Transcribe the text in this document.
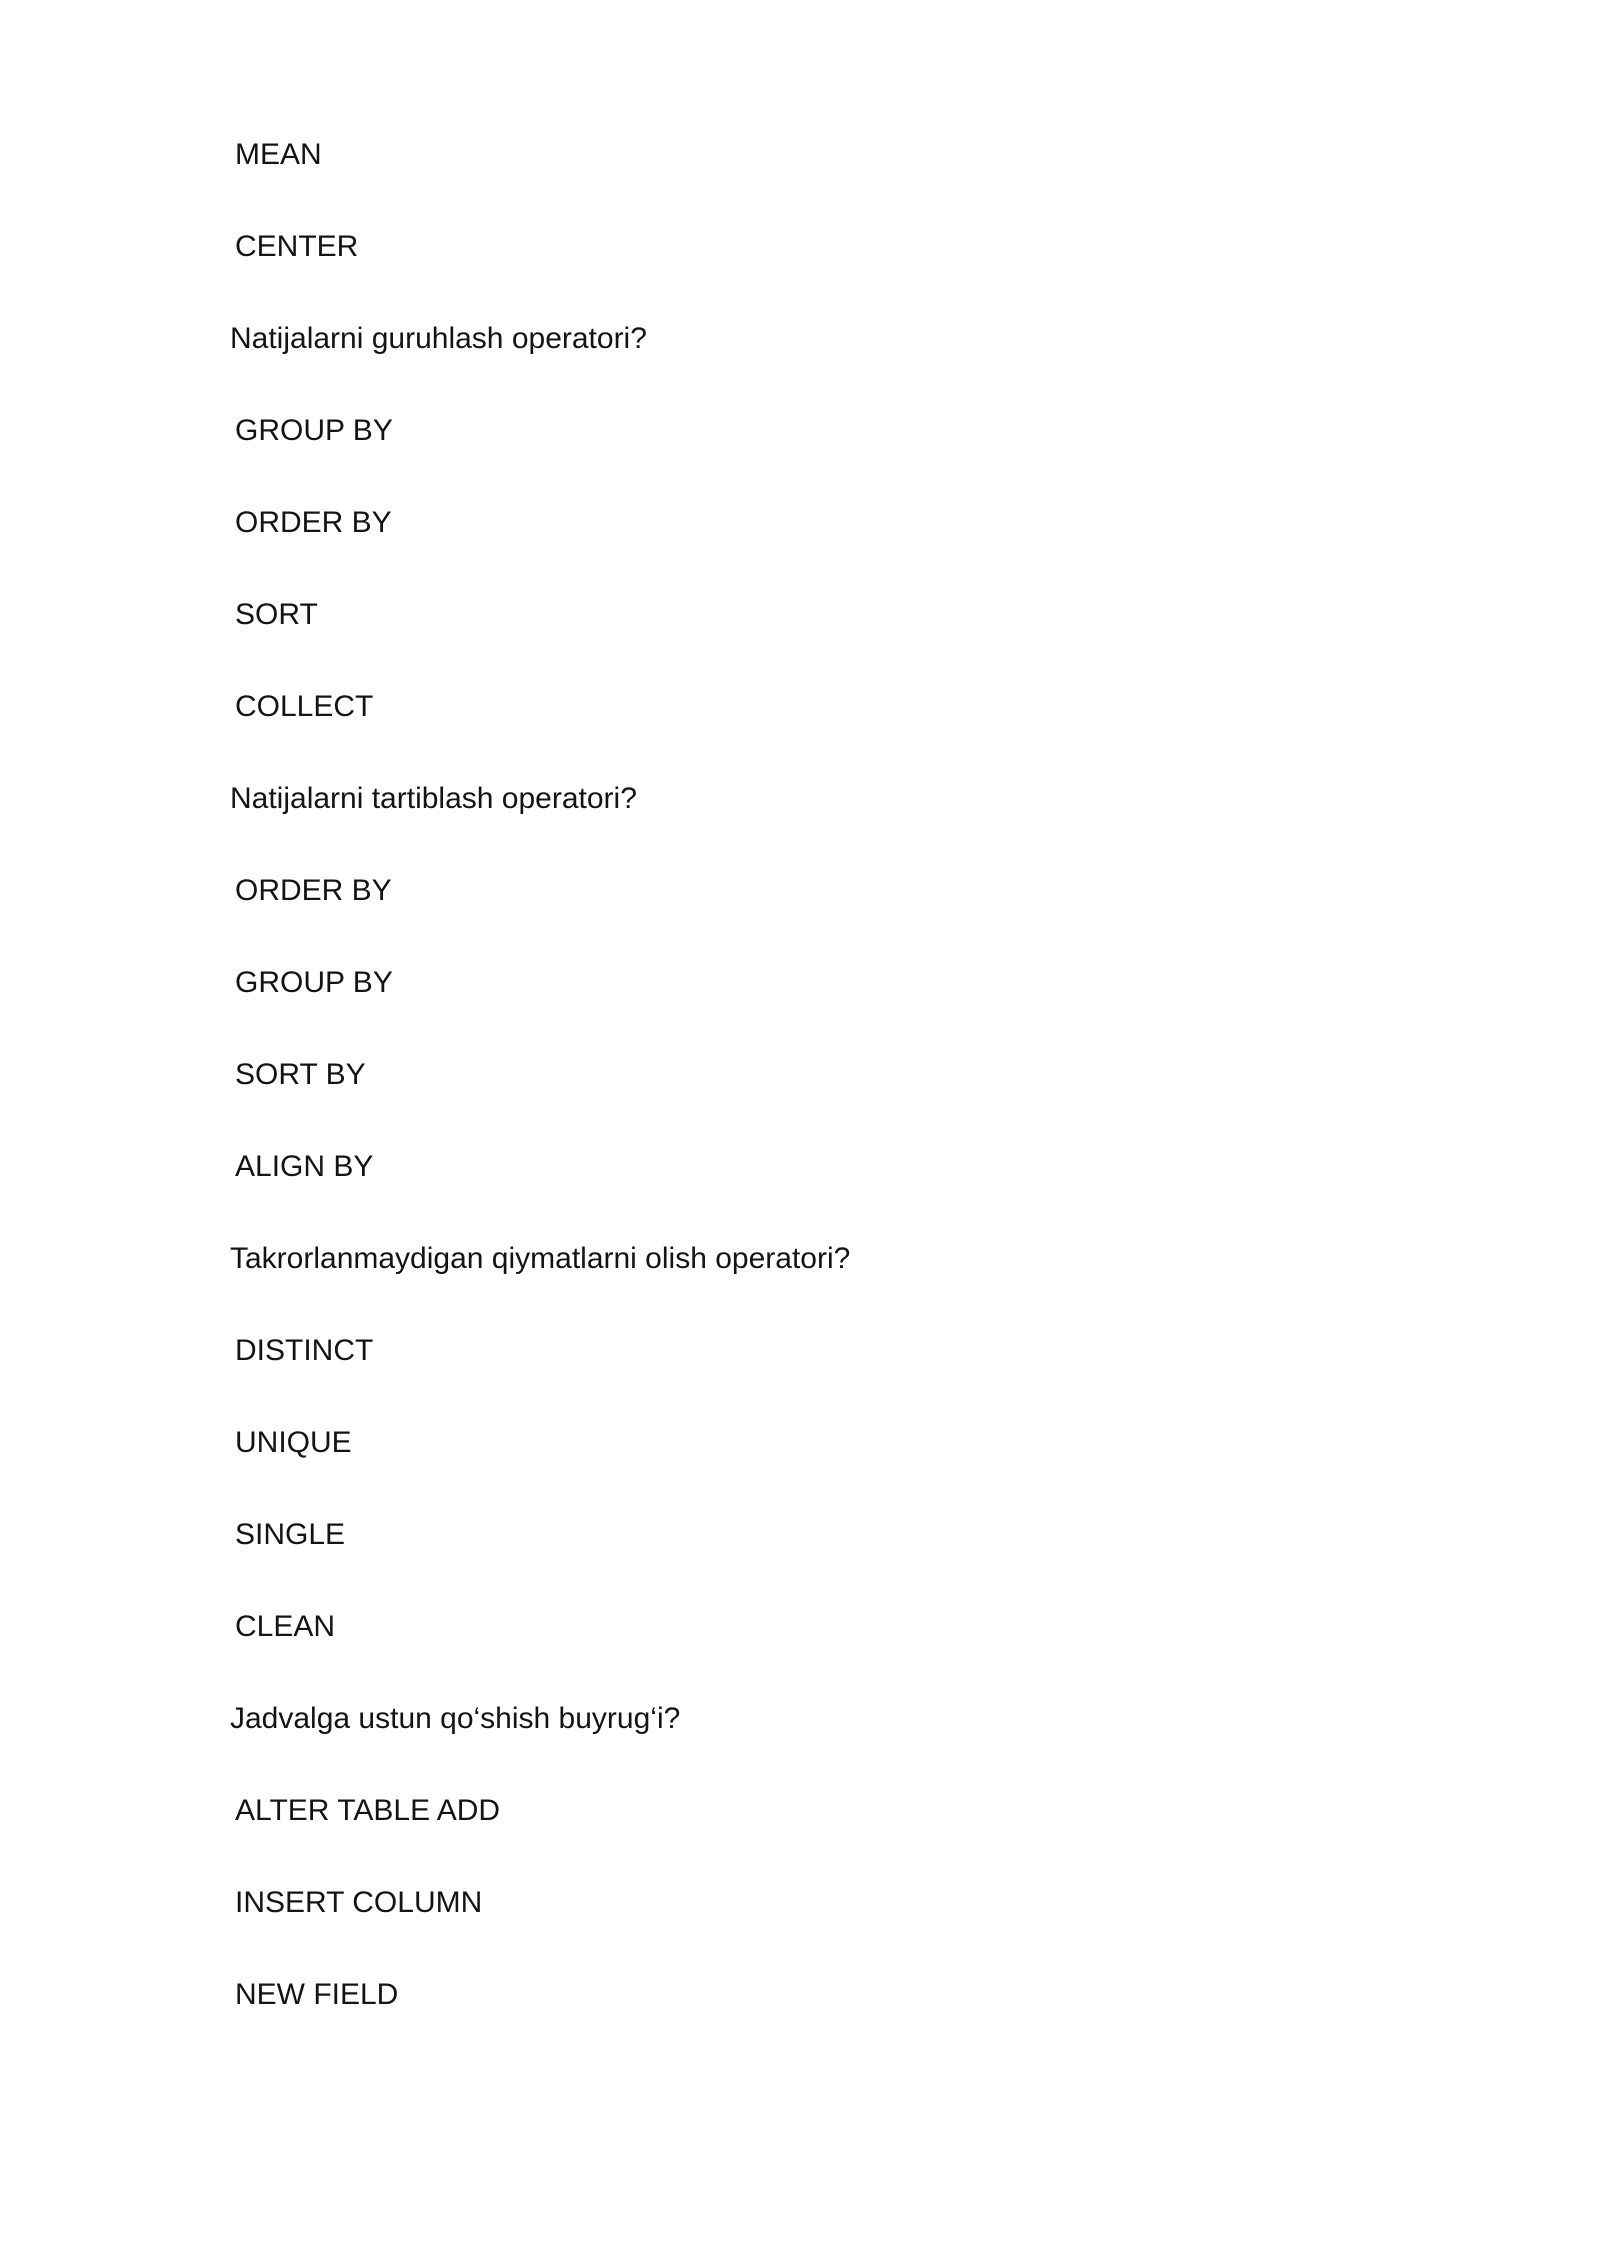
MEAN
CENTER
Natijalarni guruhlash operatori?
GROUP BY
ORDER BY
SORT
COLLECT
Natijalarni tartiblash operatori?
ORDER BY
GROUP BY
SORT BY
ALIGN BY
Takrorlanmaydigan qiymatlarni olish operatori?
DISTINCT
UNIQUE
SINGLE
CLEAN
Jadvalga ustun qo‘shish buyrug‘i?
ALTER TABLE ADD
INSERT COLUMN
NEW FIELD
